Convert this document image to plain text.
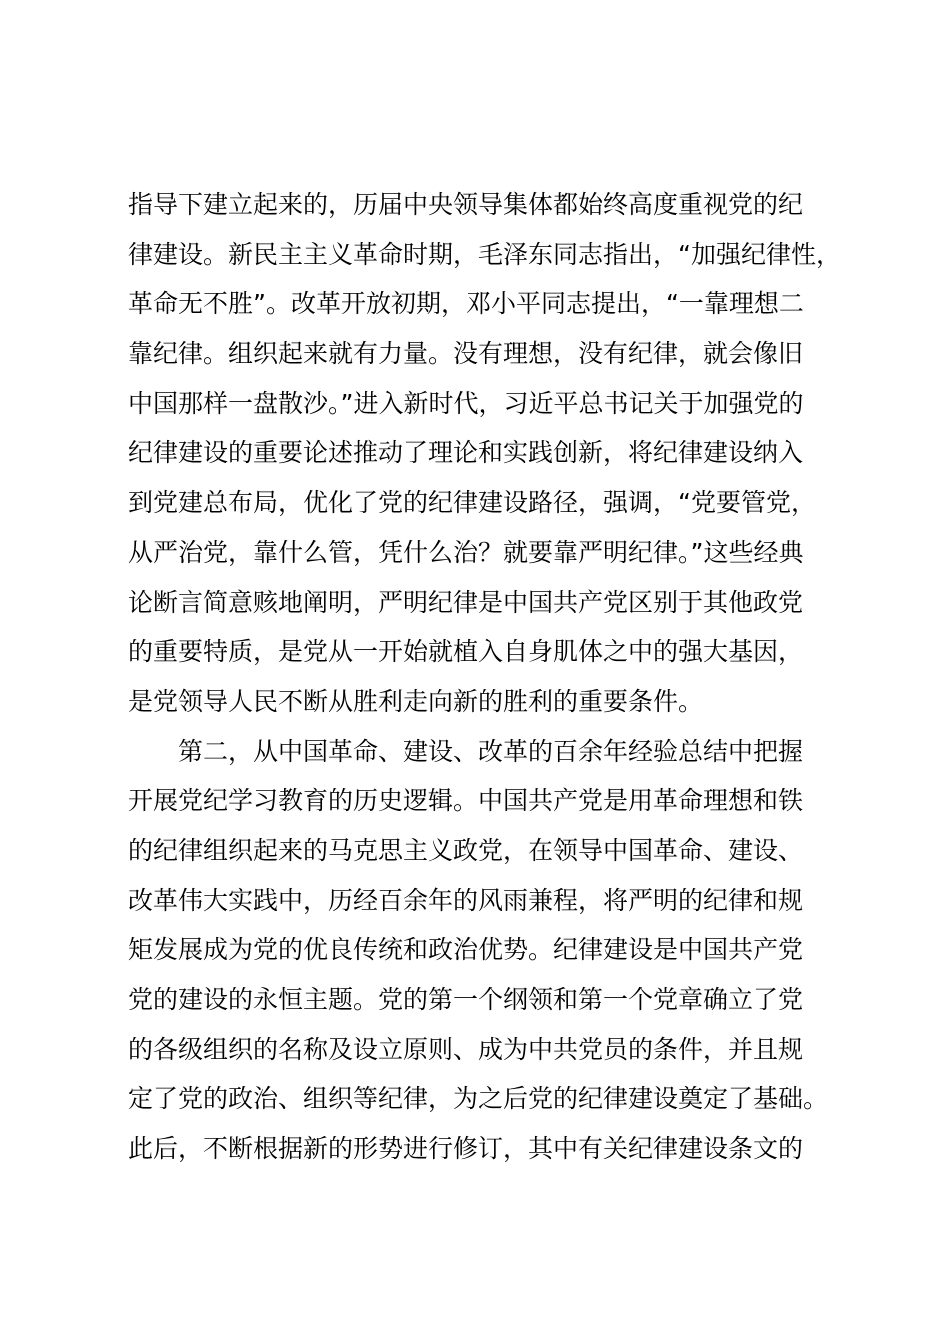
指导下建立起来的，历届中央领导集体都始终高度重视党的纪
律建设。新民主主义革命时期，毛泽东同志指出，“加强纪律性，
革命无不胜”。改革开放初期，邓小平同志提出，“一靠理想二
靠纪律。组织起来就有力量。没有理想，没有纪律，就会像旧
中国那样一盘散沙。”进入新时代，习近平总书记关于加强党的
纪律建设的重要论述推动了理论和实践创新，将纪律建设纳入
到党建总布局，优化了党的纪律建设路径，强调，“党要管党，
从严治党，靠什么管，凭什么治？就要靠严明纪律。”这些经典
论断言简意赅地阐明，严明纪律是中国共产党区别于其他政党
的重要特质，是党从一开始就植入自身肌体之中的强大基因，
是党领导人民不断从胜利走向新的胜利的重要条件。
第二，从中国革命、建设、改革的百余年经验总结中把握
开展党纪学习教育的历史逻辑。中国共产党是用革命理想和铁
的纪律组织起来的马克思主义政党，在领导中国革命、建设、
改革伟大实践中，历经百余年的风雨兼程，将严明的纪律和规
矩发展成为党的优良传统和政治优势。纪律建设是中国共产党
党的建设的永恒主题。党的第一个纲领和第一个党章确立了党
的各级组织的名称及设立原则、成为中共党员的条件，并且规
定了党的政治、组织等纪律，为之后党的纪律建设奠定了基础。
此后，不断根据新的形势进行修订，其中有关纪律建设条文的
